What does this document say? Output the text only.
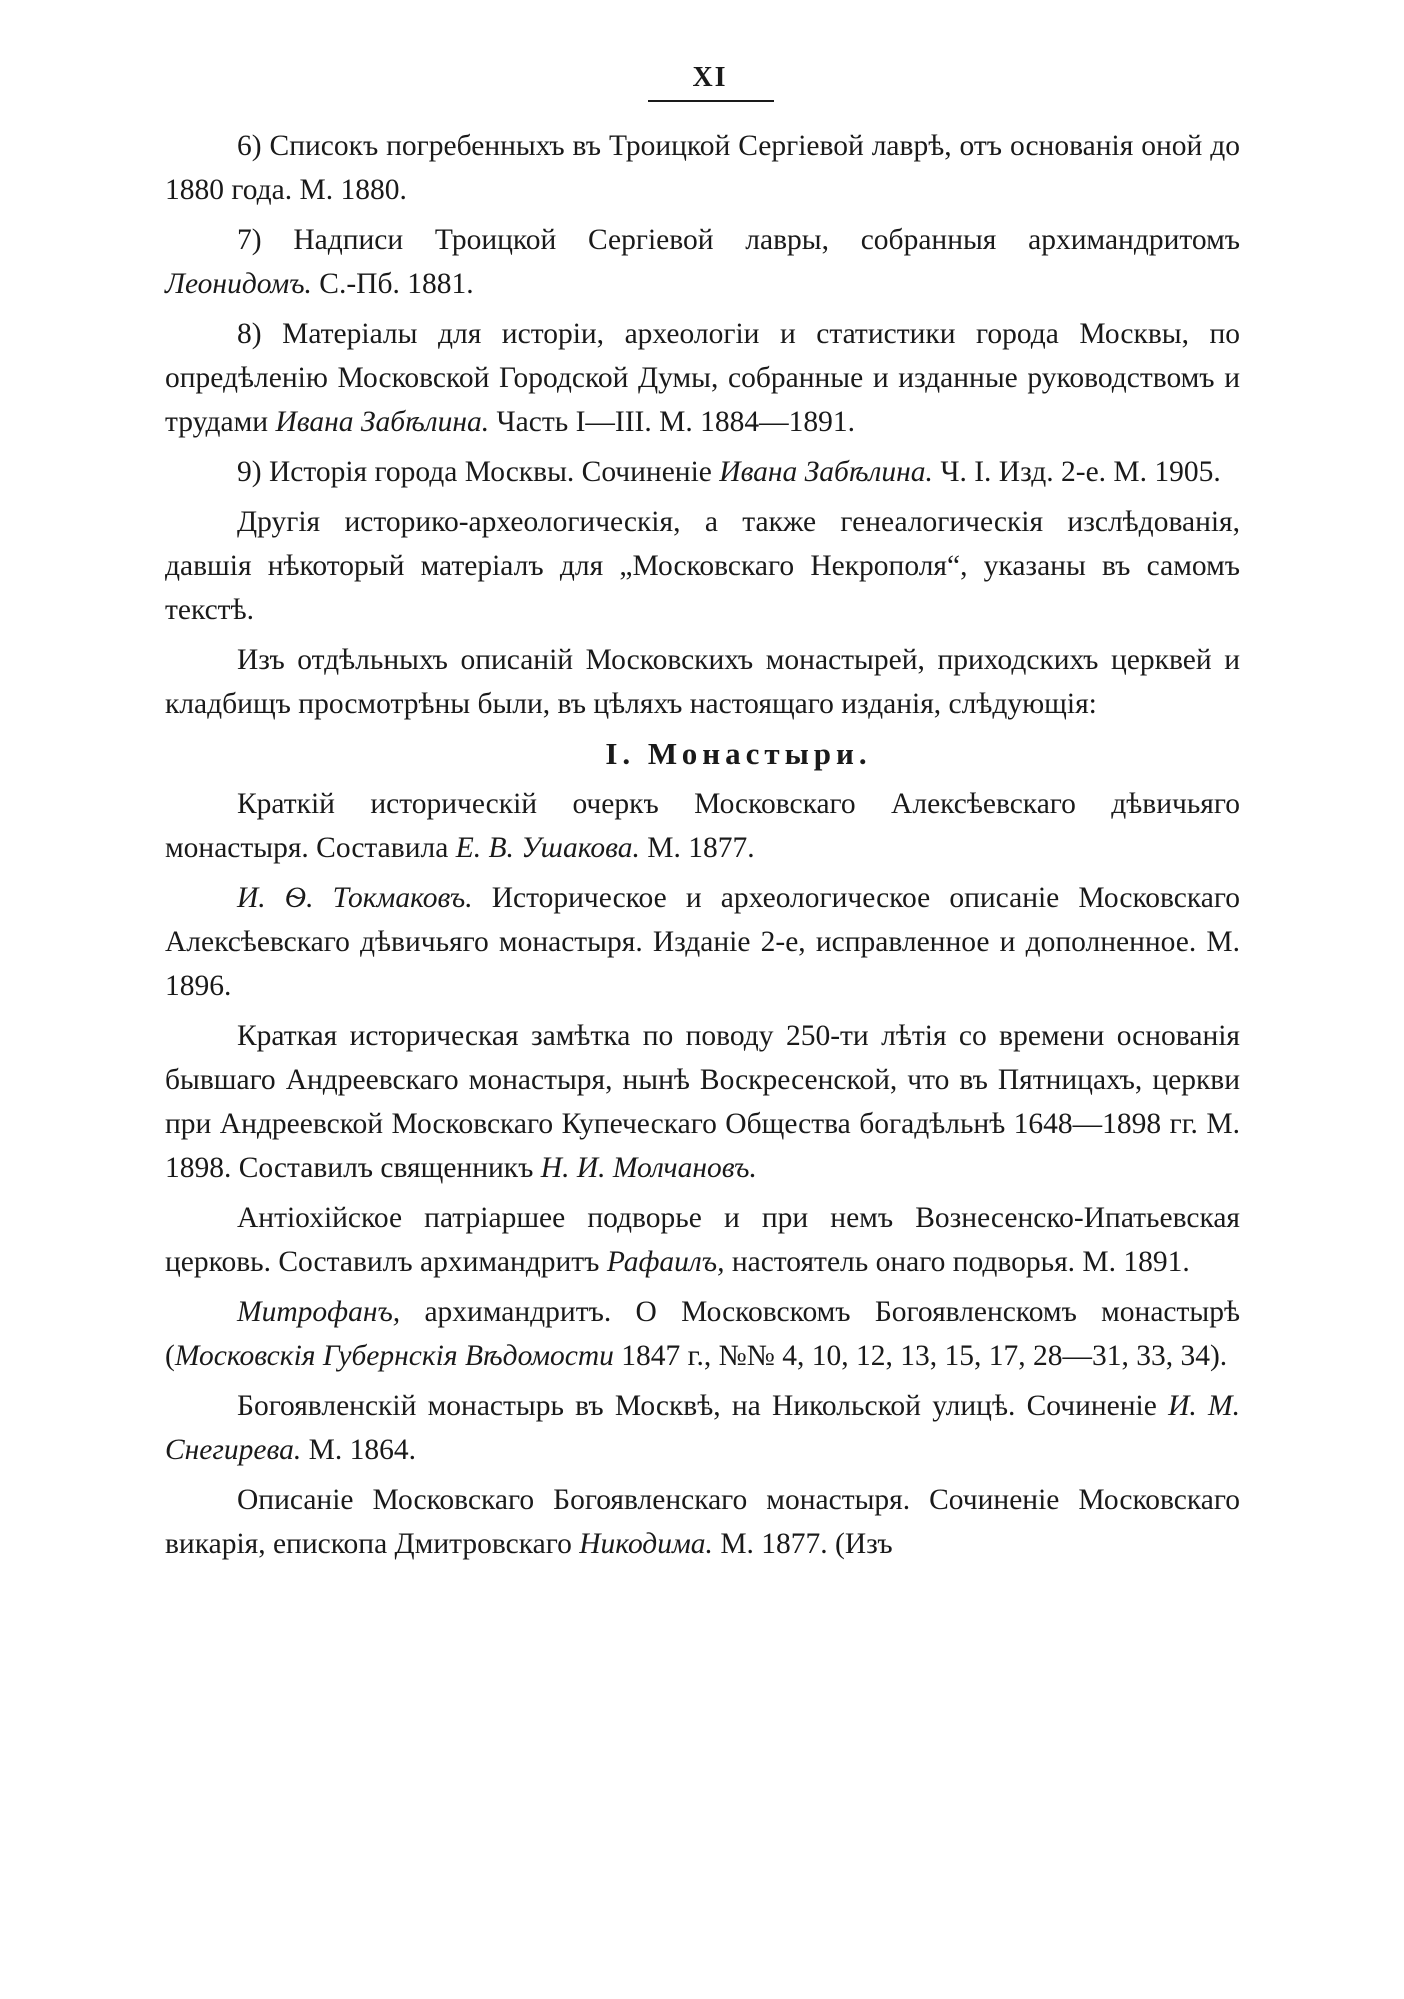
XI

6) Списокъ погребенныхъ въ Троицкой Сергіевой лаврѣ, отъ основанія оной до 1880 года. М. 1880.

7) Надписи Троицкой Сергіевой лавры, собранныя архимандритомъ Леонидомъ. С.-Пб. 1881.

8) Матеріалы для исторіи, археологіи и статистики города Москвы, по опредѣленію Московской Городской Думы, собранные и изданные руководствомъ и трудами Ивана Забѣлина. Часть I—III. М. 1884—1891.

9) Исторія города Москвы. Сочиненіе Ивана Забѣлина. Ч. I. Изд. 2-е. М. 1905.

Другія историко-археологическія, а также генеалогическія изслѣдованія, давшія нѣкоторый матеріалъ для „Московскаго Некрополя“, указаны въ самомъ текстѣ.

Изъ отдѣльныхъ описаній Московскихъ монастырей, приходскихъ церквей и кладбищъ просмотрѣны были, въ цѣляхъ настоящаго изданія, слѣдующія:

I. Монастыри.

Краткій историческій очеркъ Московскаго Алексѣевскаго дѣвичьяго монастыря. Составила Е. В. Ушакова. М. 1877.

И. Ѳ. Токмаковъ. Историческое и археологическое описаніе Московскаго Алексѣевскаго дѣвичьяго монастыря. Изданіе 2-е, исправленное и дополненное. М. 1896.

Краткая историческая замѣтка по поводу 250-ти лѣтія со времени основанія бывшаго Андреевскаго монастыря, нынѣ Воскресенской, что въ Пятницахъ, церкви при Андреевской Московскаго Купеческаго Общества богадѣльнѣ 1648—1898 гг. М. 1898. Составилъ священникъ Н. И. Молчановъ.

Антіохійское патріаршее подворье и при немъ Вознесенско-Ипатьевская церковь. Составилъ архимандритъ Рафаилъ, настоятель онаго подворья. М. 1891.

Митрофанъ, архимандритъ. О Московскомъ Богоявленскомъ монастырѣ (Московскія Губернскія Вѣдомости 1847 г., №№ 4, 10, 12, 13, 15, 17, 28—31, 33, 34).

Богоявленскій монастырь въ Москвѣ, на Никольской улицѣ. Сочиненіе И. М. Снегирева. М. 1864.

Описаніе Московскаго Богоявленскаго монастыря. Сочиненіе Московскаго викарія, епископа Дмитровскаго Никодима. М. 1877. (Изъ
